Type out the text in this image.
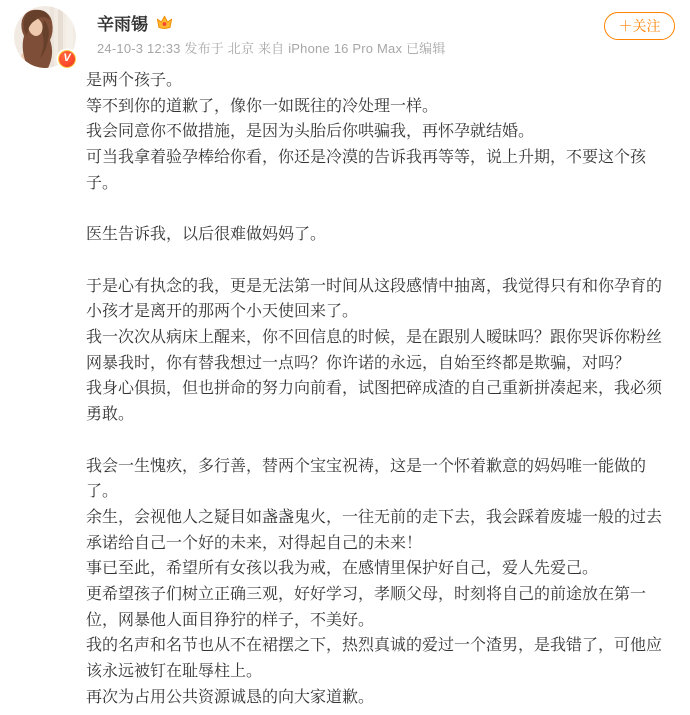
V
辛雨锡
24-10-3 12:33 发布于 北京 来自 iPhone 16 Pro Max 已编辑
＋关注

是两个孩子。

等不到你的道歉了，像你一如既往的冷处理一样。

我会同意你不做措施，是因为头胎后你哄骗我，再怀孕就结婚。

可当我拿着验孕棒给你看，你还是冷漠的告诉我再等等，说上升期，不要这个孩子。

医生告诉我，以后很难做妈妈了。

于是心有执念的我，更是无法第一时间从这段感情中抽离，我觉得只有和你孕育的小孩才是离开的那两个小天使回来了。

我一次次从病床上醒来，你不回信息的时候，是在跟别人暧昧吗？跟你哭诉你粉丝网暴我时，你有替我想过一点吗？你许诺的永远，自始至终都是欺骗，对吗？

我身心俱损，但也拼命的努力向前看，试图把碎成渣的自己重新拼凑起来，我必须勇敢。

我会一生愧疚，多行善，替两个宝宝祝祷，这是一个怀着歉意的妈妈唯一能做的了。

余生，会视他人之疑目如盏盏鬼火，一往无前的走下去，我会踩着废墟一般的过去承诺给自己一个好的未来，对得起自己的未来！

事已至此，希望所有女孩以我为戒，在感情里保护好自己，爱人先爱己。

更希望孩子们树立正确三观，好好学习，孝顺父母，时刻将自己的前途放在第一位，网暴他人面目狰狞的样子，不美好。

我的名声和名节也从不在裙摆之下，热烈真诚的爱过一个渣男，是我错了，可他应该永远被钉在耻辱柱上。

再次为占用公共资源诚恳的向大家道歉。
